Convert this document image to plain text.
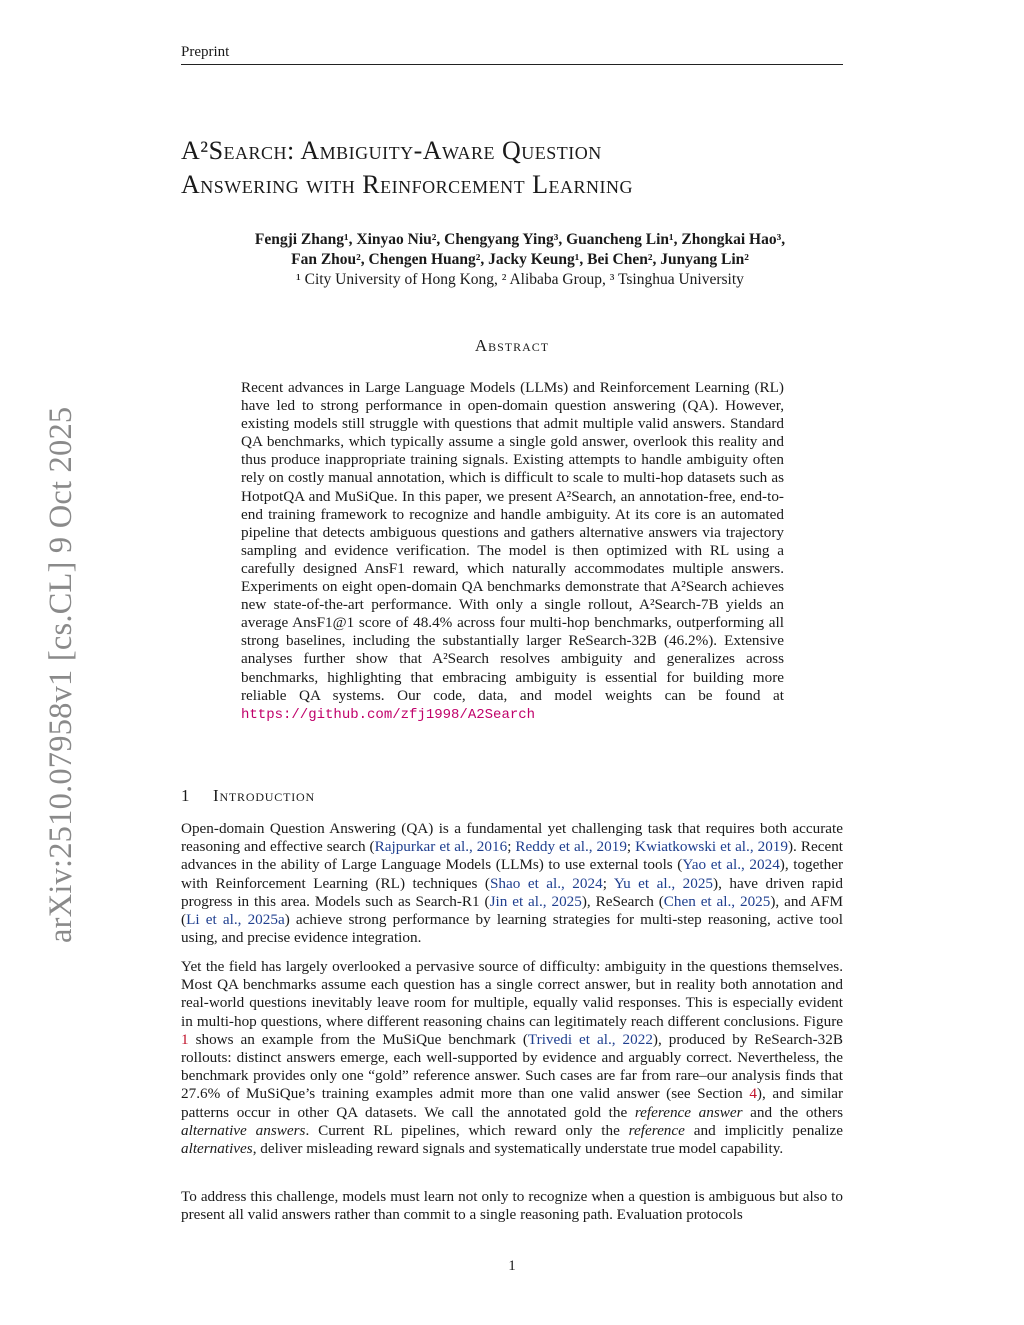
Preprint
arXiv:2510.07958v1 [cs.CL] 9 Oct 2025
A²Search: Ambiguity-Aware Question
Answering with Reinforcement Learning
Fengji Zhang¹, Xinyao Niu², Chengyang Ying³, Guancheng Lin¹, Zhongkai Hao³,
Fan Zhou², Chengen Huang², Jacky Keung¹, Bei Chen², Junyang Lin²
¹ City University of Hong Kong, ² Alibaba Group, ³ Tsinghua University
Abstract
Recent advances in Large Language Models (LLMs) and Reinforcement Learning (RL) have led to strong performance in open-domain question answering (QA). However, existing models still struggle with questions that admit multiple valid answers. Standard QA benchmarks, which typically assume a single gold answer, overlook this reality and thus produce inappropriate training signals. Existing attempts to handle ambiguity often rely on costly manual annotation, which is difficult to scale to multi-hop datasets such as HotpotQA and MuSiQue. In this paper, we present A²Search, an annotation-free, end-to-end training framework to recognize and handle ambiguity. At its core is an automated pipeline that detects ambiguous questions and gathers alternative answers via trajectory sampling and evidence verification. The model is then optimized with RL using a carefully designed AnsF1 reward, which naturally accommodates multiple answers. Experiments on eight open-domain QA benchmarks demonstrate that A²Search achieves new state-of-the-art performance. With only a single rollout, A²Search-7B yields an average AnsF1@1 score of 48.4% across four multi-hop benchmarks, outperforming all strong baselines, including the substantially larger ReSearch-32B (46.2%). Extensive analyses further show that A²Search resolves ambiguity and generalizes across benchmarks, highlighting that embracing ambiguity is essential for building more reliable QA systems. Our code, data, and model weights can be found at https://github.com/zfj1998/A2Search
1 Introduction
Open-domain Question Answering (QA) is a fundamental yet challenging task that requires both accurate reasoning and effective search (Rajpurkar et al., 2016; Reddy et al., 2019; Kwiatkowski et al., 2019). Recent advances in the ability of Large Language Models (LLMs) to use external tools (Yao et al., 2024), together with Reinforcement Learning (RL) techniques (Shao et al., 2024; Yu et al., 2025), have driven rapid progress in this area. Models such as Search-R1 (Jin et al., 2025), ReSearch (Chen et al., 2025), and AFM (Li et al., 2025a) achieve strong performance by learning strategies for multi-step reasoning, active tool using, and precise evidence integration.
Yet the field has largely overlooked a pervasive source of difficulty: ambiguity in the questions themselves. Most QA benchmarks assume each question has a single correct answer, but in reality both annotation and real-world questions inevitably leave room for multiple, equally valid responses. This is especially evident in multi-hop questions, where different reasoning chains can legitimately reach different conclusions. Figure 1 shows an example from the MuSiQue benchmark (Trivedi et al., 2022), produced by ReSearch-32B rollouts: distinct answers emerge, each well-supported by evidence and arguably correct. Nevertheless, the benchmark provides only one “gold” reference answer. Such cases are far from rare–our analysis finds that 27.6% of MuSiQue’s training examples admit more than one valid answer (see Section 4), and similar patterns occur in other QA datasets. We call the annotated gold the reference answer and the others alternative answers. Current RL pipelines, which reward only the reference and implicitly penalize alternatives, deliver misleading reward signals and systematically understate true model capability.
To address this challenge, models must learn not only to recognize when a question is ambiguous but also to present all valid answers rather than commit to a single reasoning path. Evaluation protocols
1
